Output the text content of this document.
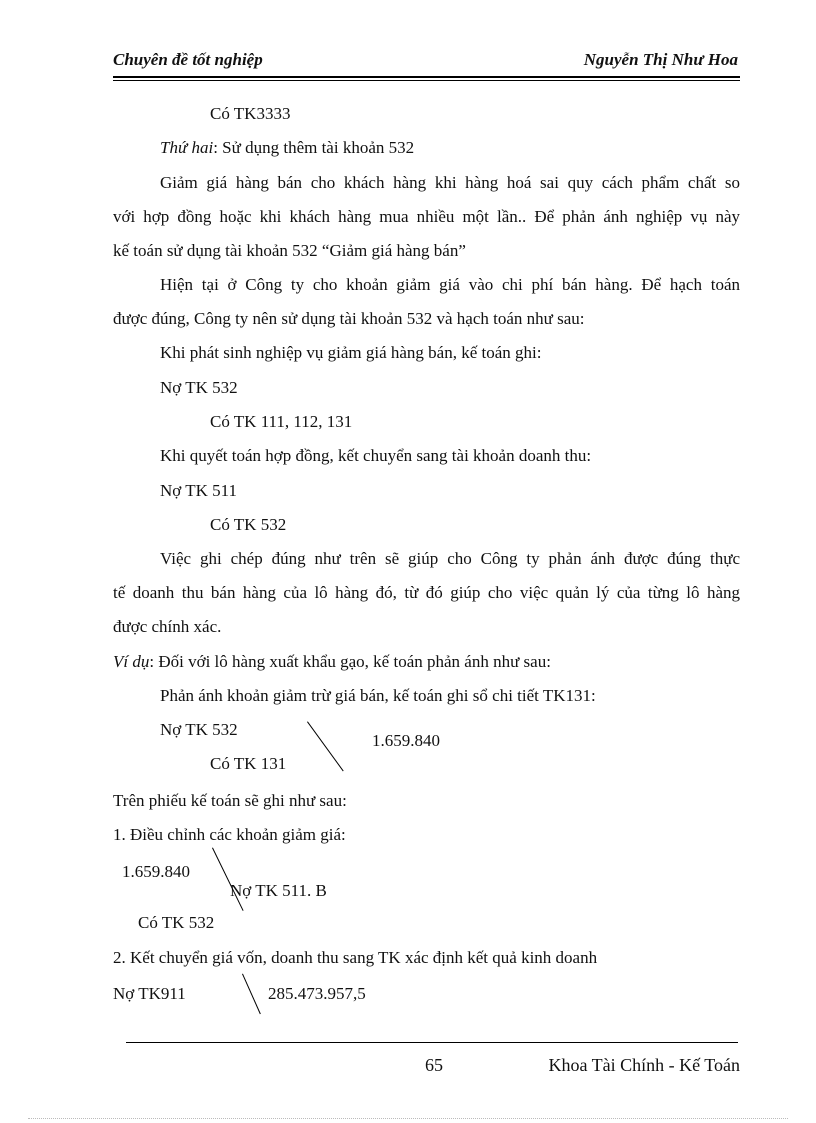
Chuyên đề tốt nghiệp	Nguyễn Thị Như Hoa
Có TK3333
Thứ hai: Sử dụng thêm tài khoản 532
Giảm giá hàng bán cho khách hàng khi hàng hoá sai quy cách phẩm chất so
với hợp đồng hoặc khi khách hàng mua nhiều một lần.. Để phản ánh nghiệp vụ này
kế toán sử dụng tài khoản 532 “Giảm giá hàng bán”
Hiện tại ở Công ty cho khoản giảm giá vào chi phí bán hàng. Để hạch toán
được đúng, Công ty nên sử dụng tài khoản 532 và hạch toán như sau:
Khi phát sinh nghiệp vụ giảm giá hàng bán, kế toán ghi:
Nợ TK 532
Có TK 111, 112, 131
Khi quyết toán hợp đồng, kết chuyển sang tài khoản doanh thu:
Nợ TK 511
Có TK 532
Việc ghi chép đúng như trên sẽ giúp cho Công ty phản ánh được đúng thực
tế doanh thu bán hàng của lô hàng đó, từ đó giúp cho việc quản lý của từng lô hàng
được chính xác.
Ví dụ: Đối với lô hàng xuất khẩu gạo, kế toán phản ánh như sau:
Phản ánh khoản giảm trừ giá bán, kế toán ghi sổ chi tiết TK131:
Nợ TK 532
Có TK 131
1.659.840
Trên phiếu kế toán sẽ ghi như sau:
1. Điều chỉnh các khoản giảm giá:
1.659.840
Nợ TK 511. B
Có TK 532
2. Kết chuyển giá vốn, doanh thu sang TK xác định kết quả kinh doanh
Nợ TK911	285.473.957,5
65	Khoa Tài Chính - Kế Toán
